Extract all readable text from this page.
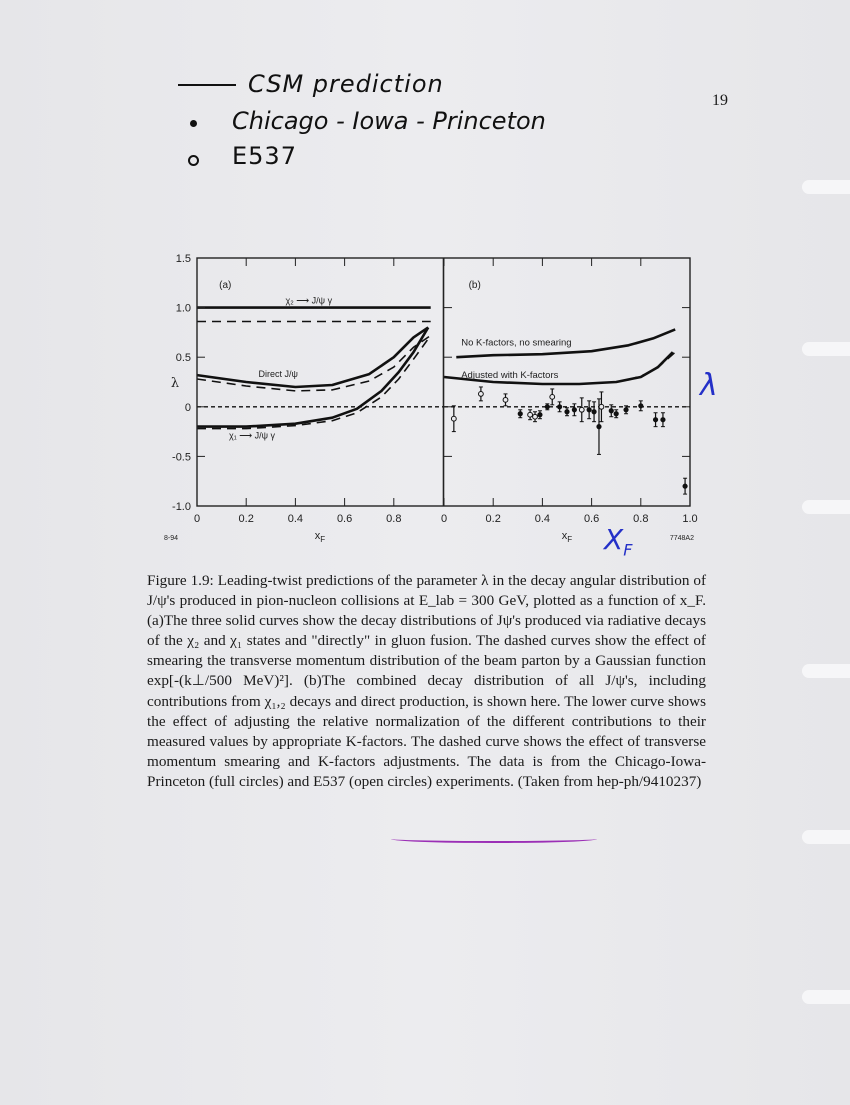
CSM prediction
Chicago - Iowa - Princeton
E537
19
(a)
χ₂ ⟶ J/ψ γ
Direct J/ψ
χ₁ ⟶ J/ψ γ
(b)
No K-factors, no smearing
Adjusted with K-factors
1.5
1.0
0.5
0
-0.5
-1.0
λ
0	0.2	0.4	0.6	0.8	0	0.2	0.4	0.6	0.8	1.0
$x_F$	$x_F$
8-94	7748A2
λ
$X_F$
Figure 1.9: Leading-twist predictions of the parameter λ in the decay angular distribution of J/ψ's produced in pion-nucleon collisions at E_lab = 300 GeV, plotted as a function of x_F. (a)The three solid curves show the decay distributions of Jψ's produced via radiative decays of the χ₂ and χ₁ states and "directly" in gluon fusion. The dashed curves show the effect of smearing the transverse momentum distribution of the beam parton by a Gaussian function exp[-(k⊥/500 MeV)²]. (b)The combined decay distribution of all J/ψ's, including contributions from χ₁,₂ decays and direct production, is shown here. The lower curve shows the effect of adjusting the relative normalization of the different contributions to their measured values by appropriate K-factors. The dashed curve shows the effect of transverse momentum smearing and K-factors adjustments. The data is from the Chicago-Iowa-Princeton (full circles) and E537 (open circles) experiments. (Taken from hep-ph/9410237)
